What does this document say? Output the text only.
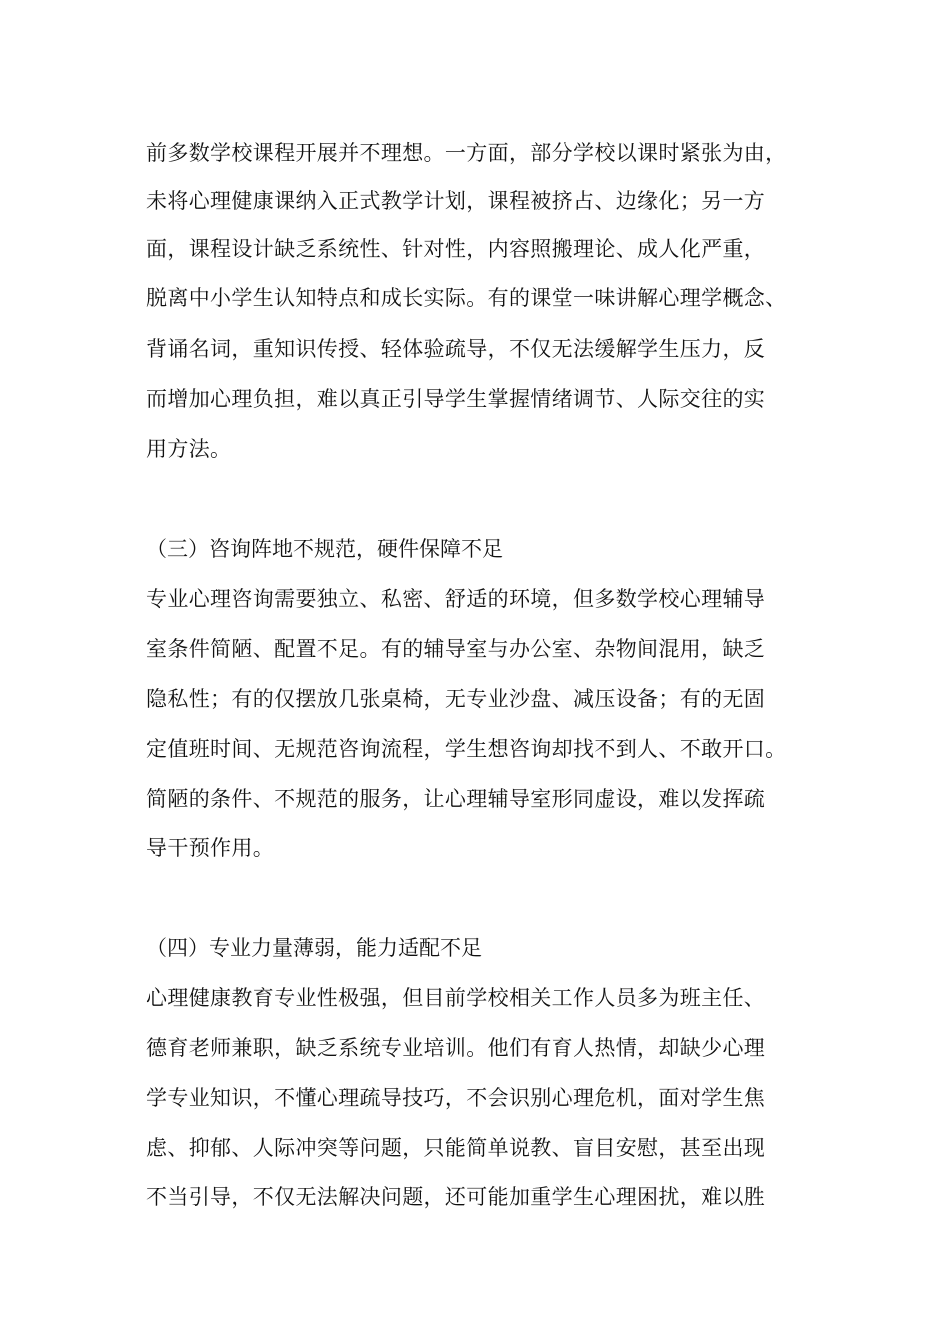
前多数学校课程开展并不理想。一方面，部分学校以课时紧张为由，
未将心理健康课纳入正式教学计划，课程被挤占、边缘化；另一方
面，课程设计缺乏系统性、针对性，内容照搬理论、成人化严重，
脱离中小学生认知特点和成长实际。有的课堂一味讲解心理学概念、
背诵名词，重知识传授、轻体验疏导，不仅无法缓解学生压力，反
而增加心理负担，难以真正引导学生掌握情绪调节、人际交往的实
用方法。
（三）咨询阵地不规范，硬件保障不足
专业心理咨询需要独立、私密、舒适的环境，但多数学校心理辅导
室条件简陋、配置不足。有的辅导室与办公室、杂物间混用，缺乏
隐私性；有的仅摆放几张桌椅，无专业沙盘、减压设备；有的无固
定值班时间、无规范咨询流程，学生想咨询却找不到人、不敢开口。
简陋的条件、不规范的服务，让心理辅导室形同虚设，难以发挥疏
导干预作用。
（四）专业力量薄弱，能力适配不足
心理健康教育专业性极强，但目前学校相关工作人员多为班主任、
德育老师兼职，缺乏系统专业培训。他们有育人热情，却缺少心理
学专业知识，不懂心理疏导技巧，不会识别心理危机，面对学生焦
虑、抑郁、人际冲突等问题，只能简单说教、盲目安慰，甚至出现
不当引导，不仅无法解决问题，还可能加重学生心理困扰，难以胜
